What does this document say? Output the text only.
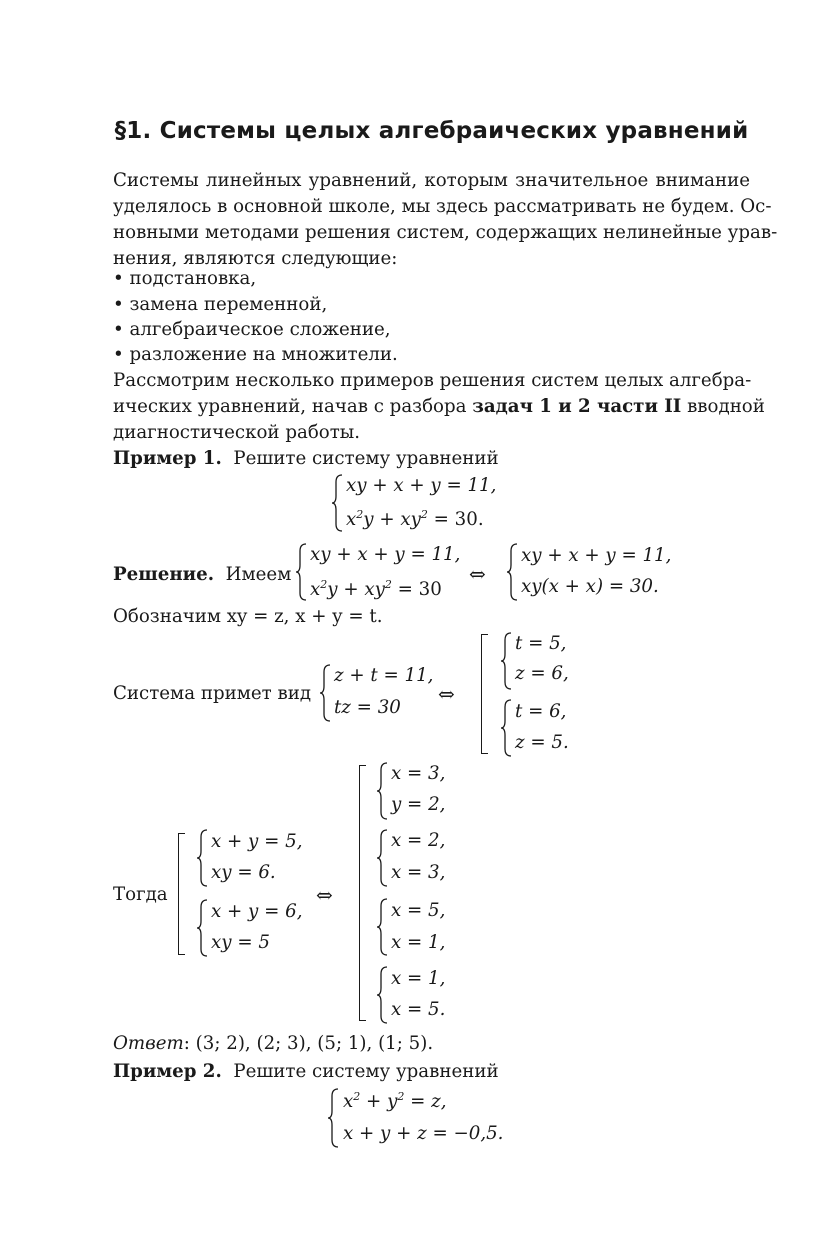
§1. Системы целых алгебраических уравнений
Системы линейных уравнений, которым значительное внимание
уделялось в основной школе, мы здесь рассматривать не будем. Ос-
новными методами решения систем, содержащих нелинейные урав-
нения, являются следующие:
• подстановка,
• замена переменной,
• алгебраическое сложение,
• разложение на множители.
Рассмотрим несколько примеров решения систем целых алгебра-
ических уравнений, начав с разбора задач 1 и 2 части II вводной
диагностической работы.
Пример 1. Решите систему уравнений
xy + x + y = 11,
$x^2y + xy^2 = 30$.
Решение. Имеем
xy + x + y = 11,
$x^2y + xy^2 = 30$
⇔
xy + x + y = 11,
xy(x + x) = 30.
Обозначим xy = z, x + y = t.
Система примет вид
z + t = 11,
tz = 30
⇔
t = 5,
z = 6,
t = 6,
z = 5.
Тогда
x + y = 5,
xy = 6.
x + y = 6,
xy = 5
⇔
x = 3,
y = 2,
x = 2,
x = 3,
x = 5,
x = 1,
x = 1,
x = 5.
Ответ: (3; 2), (2; 3), (5; 1), (1; 5).
Пример 2. Решите систему уравнений
$x^2 + y^2 = z$,
x + y + z = −0,5.
